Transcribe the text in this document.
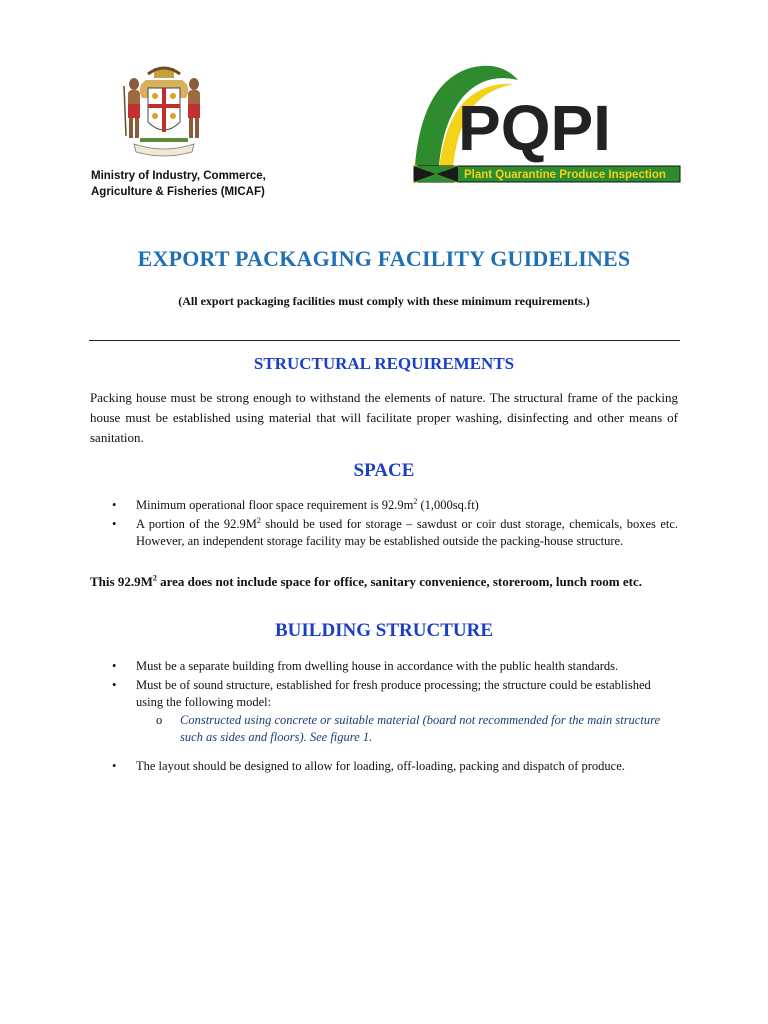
Ministry of Industry, Commerce,
Agriculture & Fisheries (MICAF)
PQPI
Plant Quarantine Produce Inspection
EXPORT PACKAGING FACILITY GUIDELINES
(All export packaging facilities must comply with these minimum requirements.)
STRUCTURAL REQUIREMENTS
Packing house must be strong enough to withstand the elements of nature. The structural frame of the packing house must be established using material that will facilitate proper washing, disinfecting and other means of sanitation.
SPACE
• Minimum operational floor space requirement is $92.9m^2$ (1,000sq.ft)
• A portion of the $92.9M^2$ should be used for storage – sawdust or coir dust storage, chemicals, boxes etc. However, an independent storage facility may be established outside the packing-house structure.
This $92.9M^2$ area does not include space for office, sanitary convenience, storeroom, lunch room etc.
BUILDING STRUCTURE
• Must be a separate building from dwelling house in accordance with the public health standards.
• Must be of sound structure, established for fresh produce processing; the structure could be established using the following model:
o Constructed using concrete or suitable material (board not recommended for the main structure such as sides and floors). See figure 1.
• The layout should be designed to allow for loading, off-loading, packing and dispatch of produce.
